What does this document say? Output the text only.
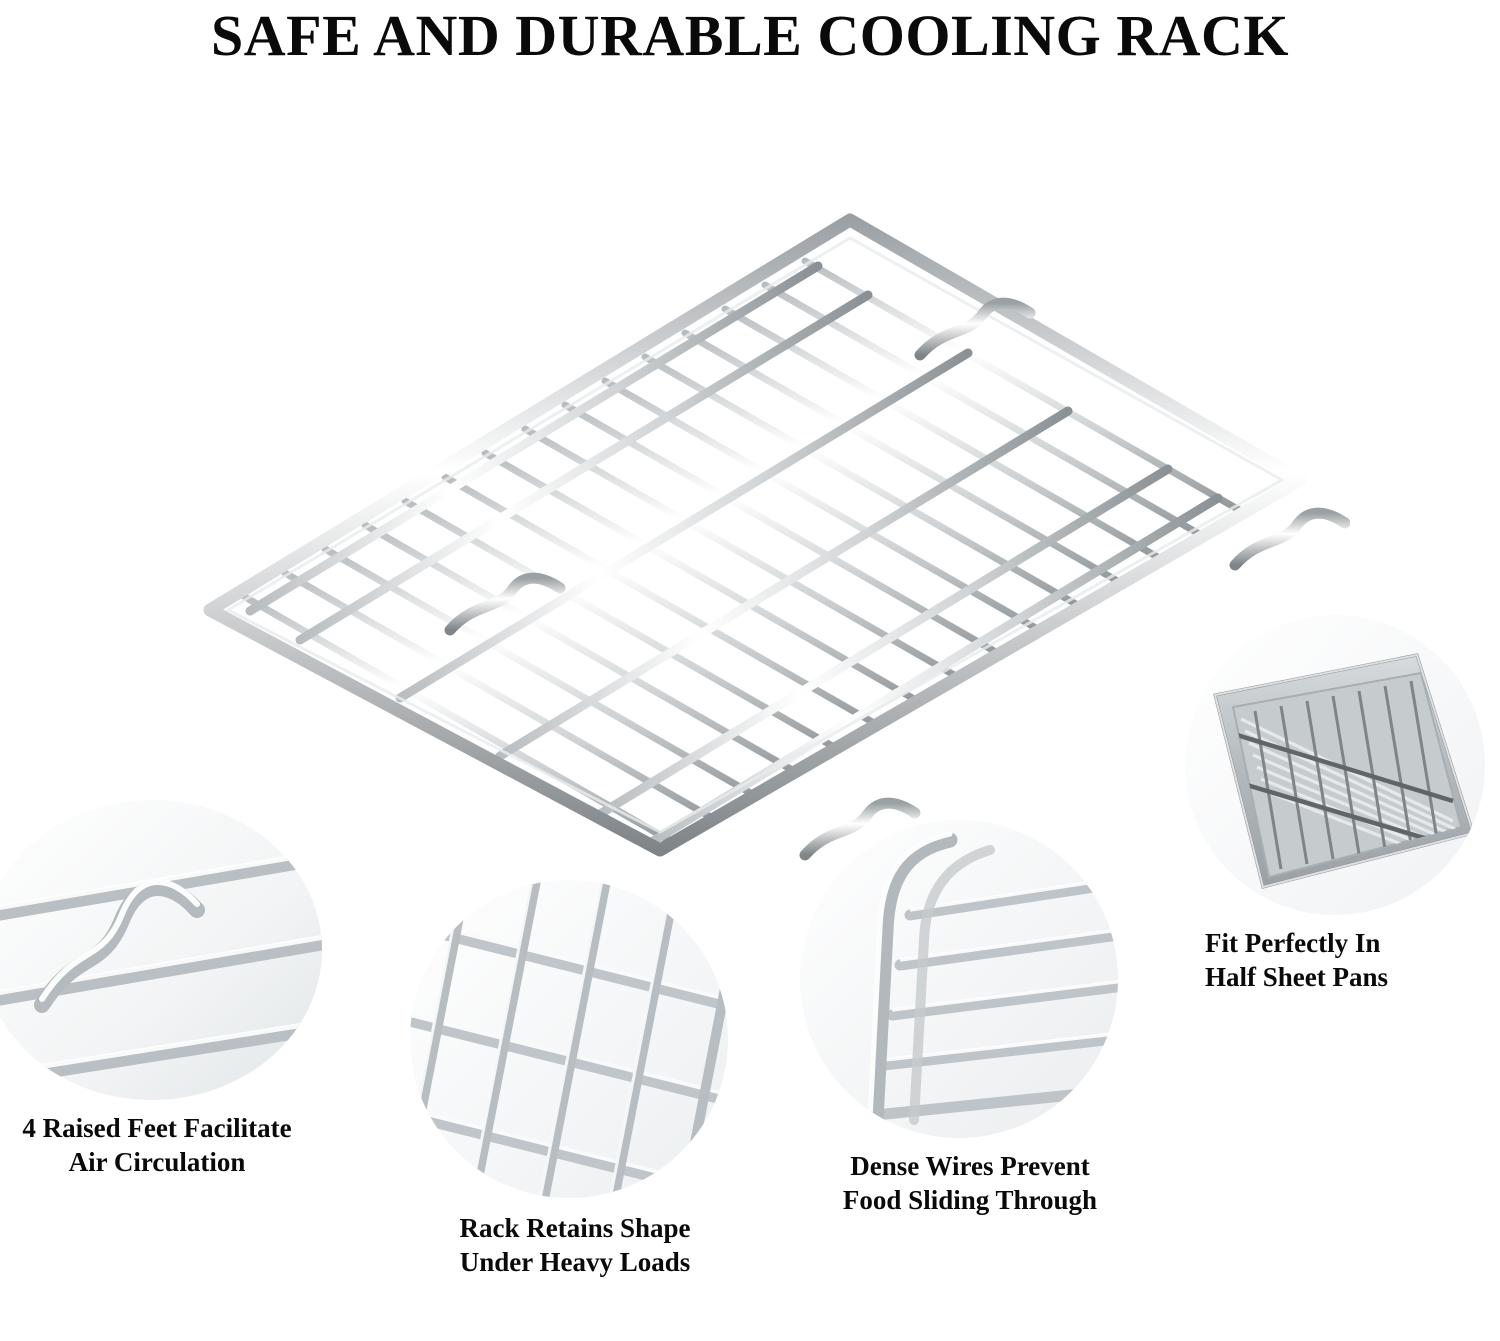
SAFE AND DURABLE COOLING RACK
4 Raised Feet Facilitate
Air Circulation
Rack Retains Shape
Under Heavy Loads
Dense Wires Prevent
Food Sliding Through
Fit Perfectly In
Half Sheet Pans
